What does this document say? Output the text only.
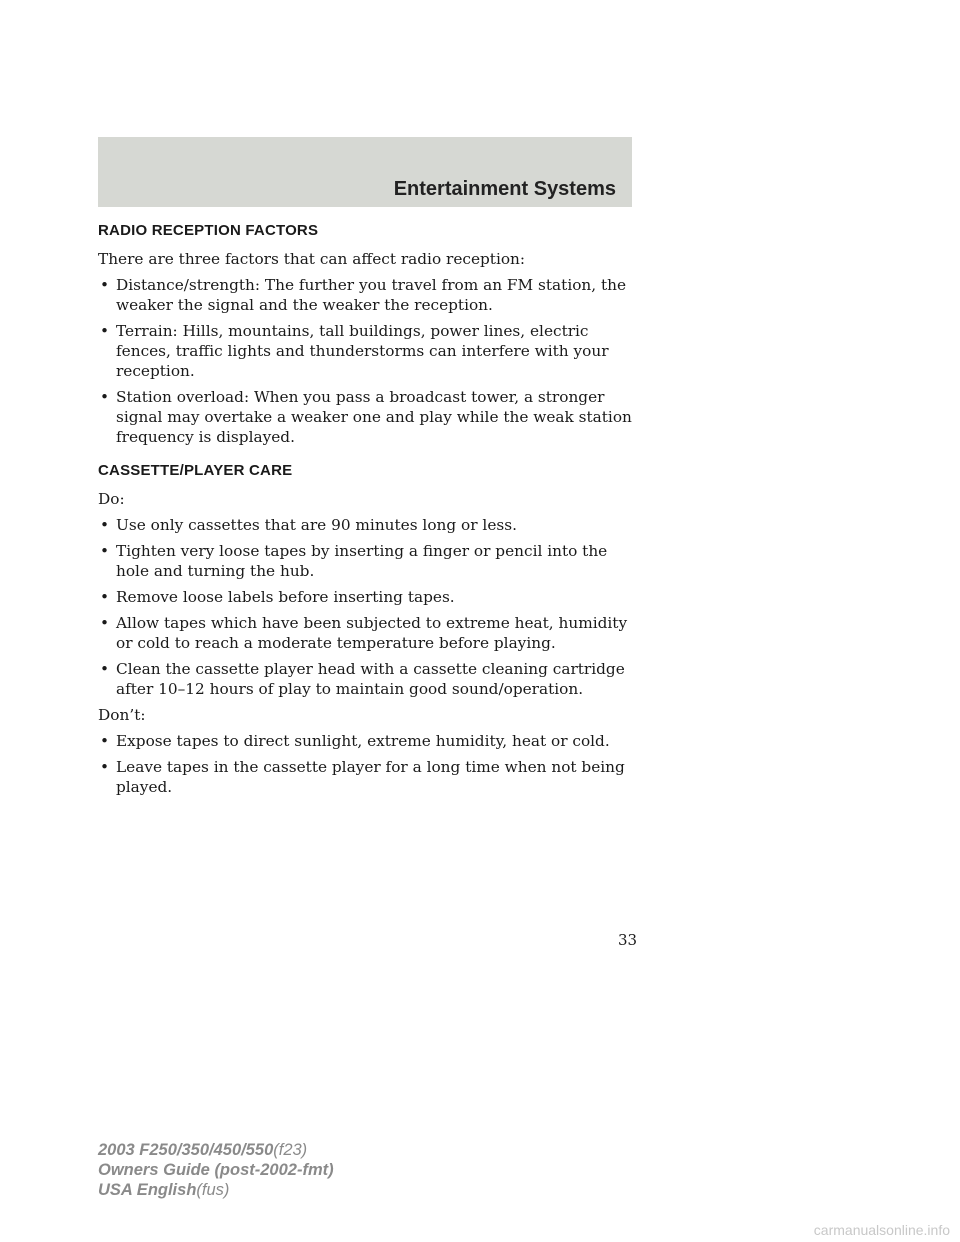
Entertainment Systems
RADIO RECEPTION FACTORS

There are three factors that can affect radio reception:

• Distance/strength: The further you travel from an FM station, the weaker the signal and the weaker the reception.
• Terrain: Hills, mountains, tall buildings, power lines, electric fences, traffic lights and thunderstorms can interfere with your reception.
• Station overload: When you pass a broadcast tower, a stronger signal may overtake a weaker one and play while the weak station frequency is displayed.
CASSETTE/PLAYER CARE

Do:

• Use only cassettes that are 90 minutes long or less.
• Tighten very loose tapes by inserting a finger or pencil into the hole and turning the hub.
• Remove loose labels before inserting tapes.
• Allow tapes which have been subjected to extreme heat, humidity or cold to reach a moderate temperature before playing.
• Clean the cassette player head with a cassette cleaning cartridge after 10–12 hours of play to maintain good sound/operation.

Don’t:

• Expose tapes to direct sunlight, extreme humidity, heat or cold.
• Leave tapes in the cassette player for a long time when not being played.
33
2003 F250/350/450/550(f23)
Owners Guide (post-2002-fmt)
USA English(fus)
carmanualsonline.info
